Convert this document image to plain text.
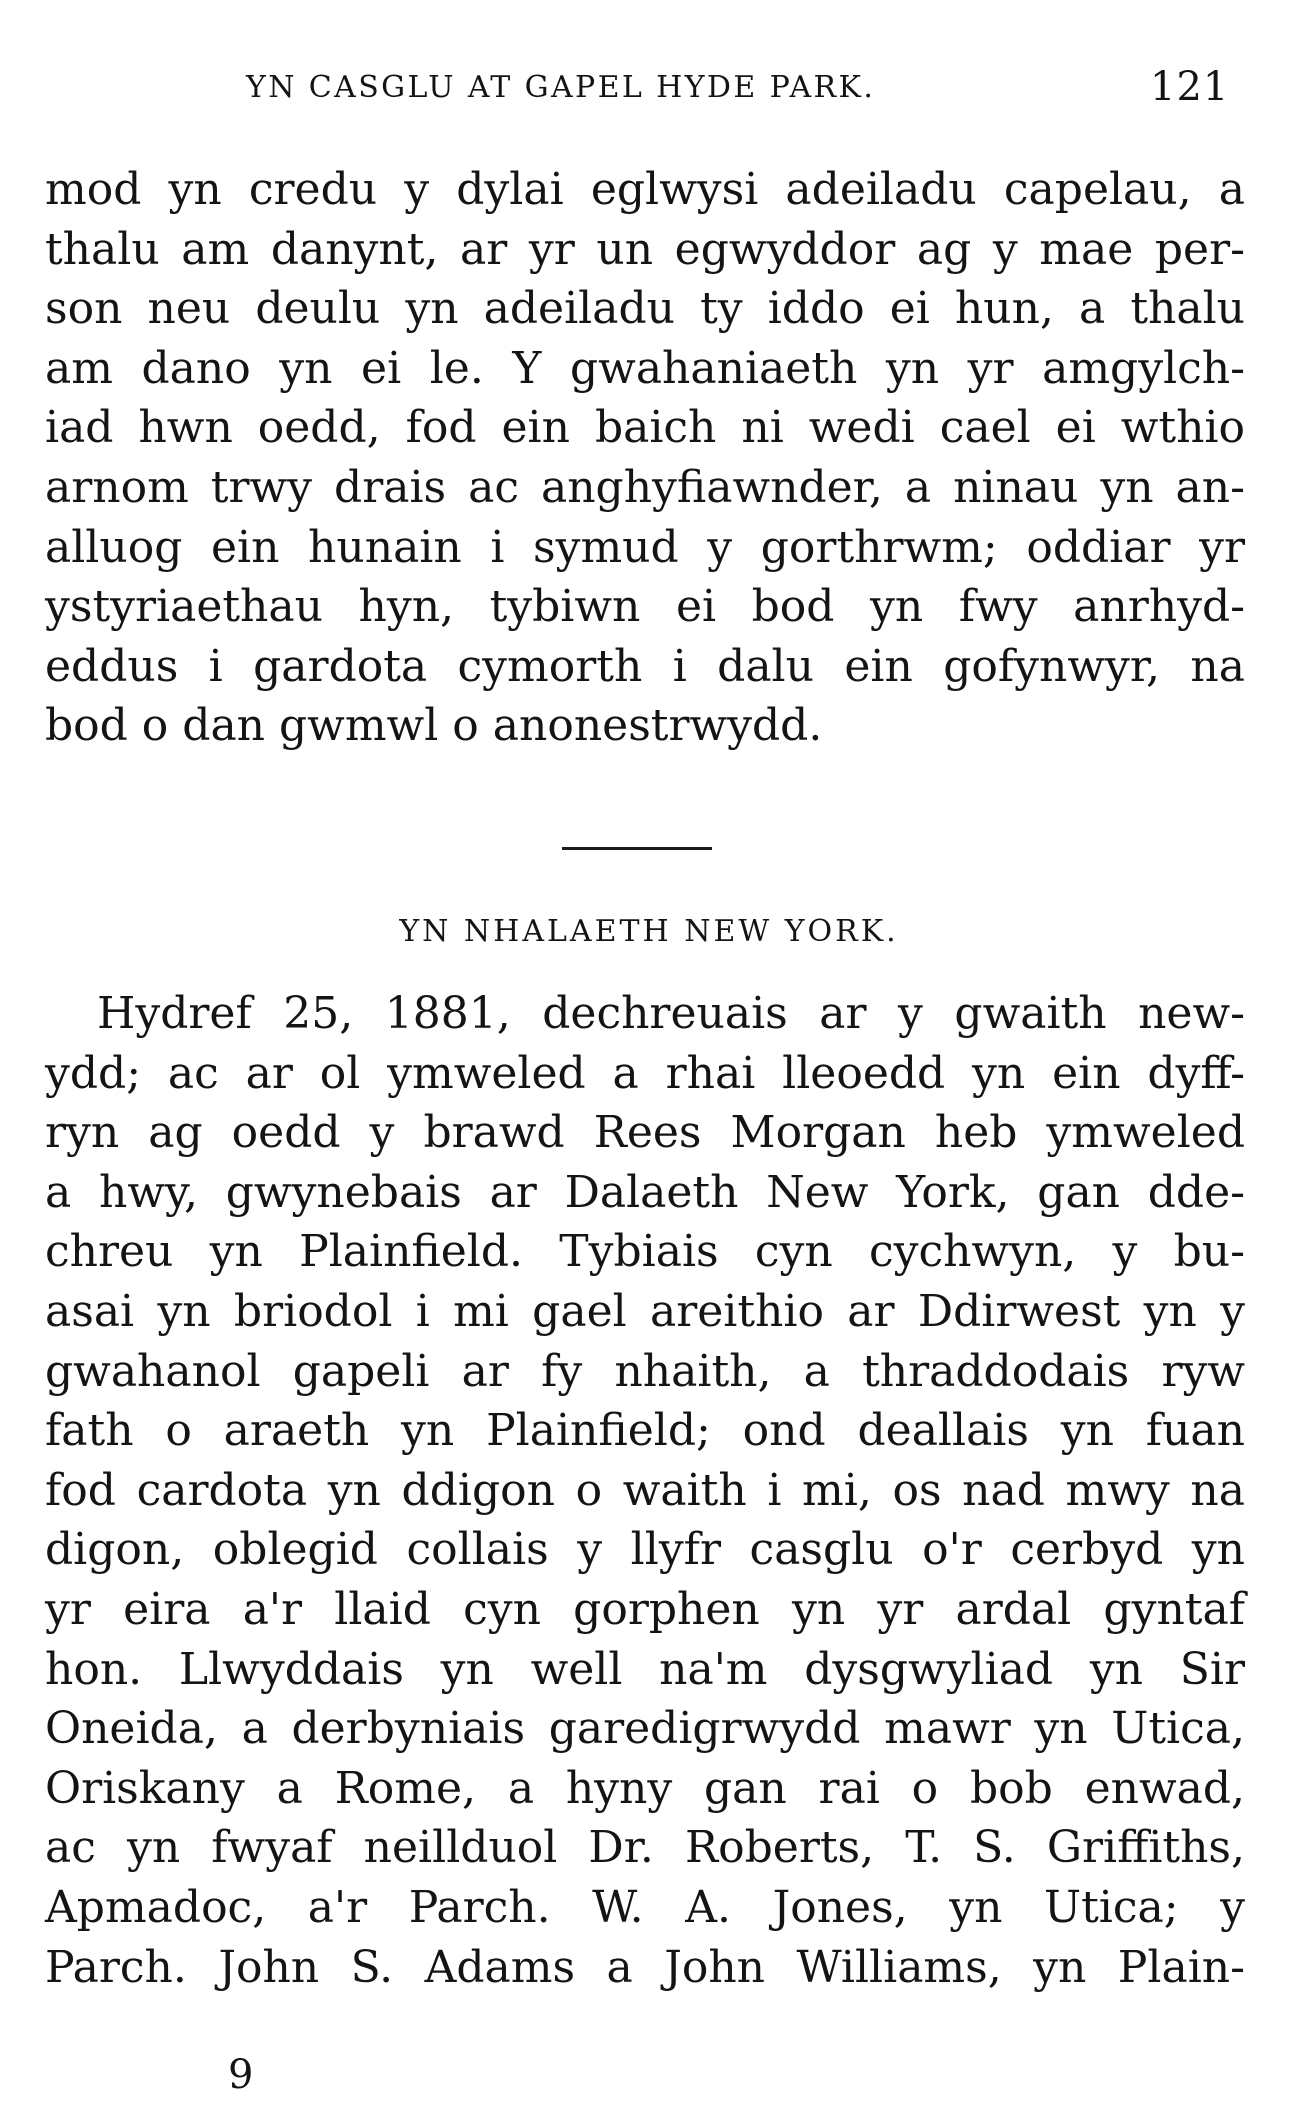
YN CASGLU AT GAPEL HYDE PARK.	121
mod yn credu y dylai eglwysi adeiladu capelau, a
thalu am danynt, ar yr un egwyddor ag y mae per-
son neu deulu yn adeiladu ty iddo ei hun, a thalu
am dano yn ei le. Y gwahaniaeth yn yr amgylch-
iad hwn oedd, fod ein baich ni wedi cael ei wthio
arnom trwy drais ac anghyfiawnder, a ninau yn an-
alluog ein hunain i symud y gorthrwm; oddiar yr
ystyriaethau hyn, tybiwn ei bod yn fwy anrhyd-
eddus i gardota cymorth i dalu ein gofynwyr, na
bod o dan gwmwl o anonestrwydd.
YN NHALAETH NEW YORK.
Hydref 25, 1881, dechreuais ar y gwaith new-
ydd; ac ar ol ymweled a rhai lleoedd yn ein dyff-
ryn ag oedd y brawd Rees Morgan heb ymweled
a hwy, gwynebais ar Dalaeth New York, gan dde-
chreu yn Plainfield. Tybiais cyn cychwyn, y bu-
asai yn briodol i mi gael areithio ar Ddirwest yn y
gwahanol gapeli ar fy nhaith, a thraddodais ryw
fath o araeth yn Plainfield; ond deallais yn fuan
fod cardota yn ddigon o waith i mi, os nad mwy na
digon, oblegid collais y llyfr casglu o'r cerbyd yn
yr eira a'r llaid cyn gorphen yn yr ardal gyntaf
hon. Llwyddais yn well na'm dysgwyliad yn Sir
Oneida, a derbyniais garedigrwydd mawr yn Utica,
Oriskany a Rome, a hyny gan rai o bob enwad,
ac yn fwyaf neillduol Dr. Roberts, T. S. Griffiths,
Apmadoc, a'r Parch. W. A. Jones, yn Utica; y
Parch. John S. Adams a John Williams, yn Plain-
9
